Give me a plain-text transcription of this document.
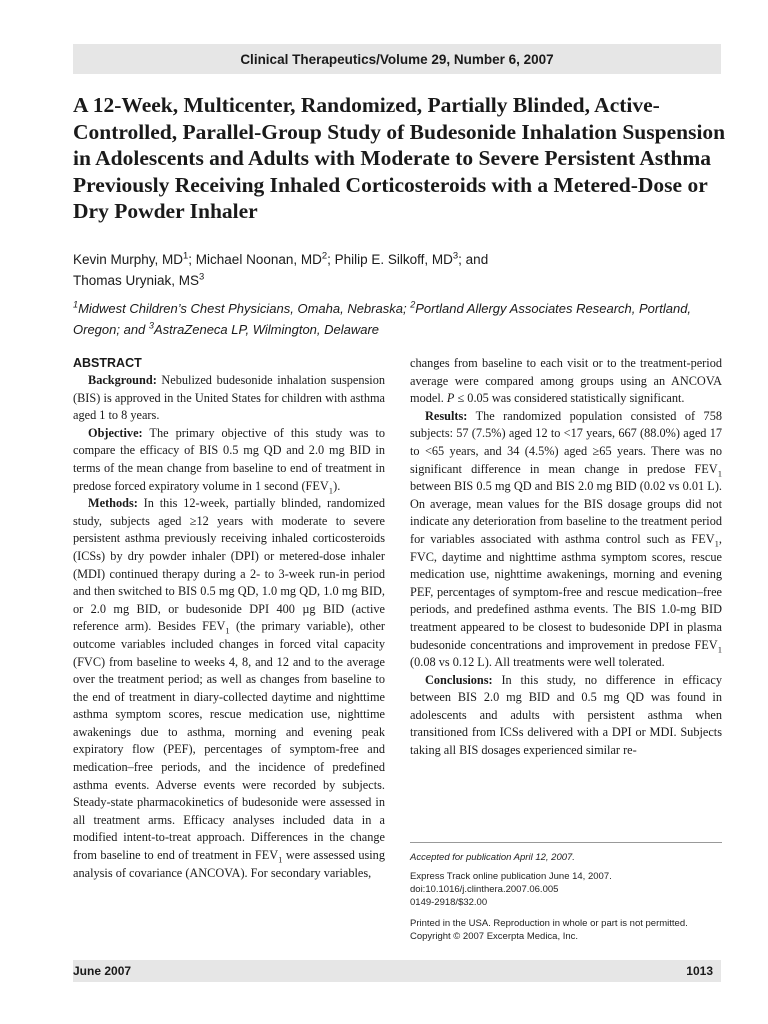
Clinical Therapeutics/Volume 29, Number 6, 2007
A 12-Week, Multicenter, Randomized, Partially Blinded, Active-Controlled, Parallel-Group Study of Budesonide Inhalation Suspension in Adolescents and Adults with Moderate to Severe Persistent Asthma Previously Receiving Inhaled Corticosteroids with a Metered-Dose or Dry Powder Inhaler
Kevin Murphy, $MD^1$; Michael Noonan, $MD^2$; Philip E. Silkoff, $MD^3$; and
Thomas Uryniak, $MS^3$
$^1$Midwest Children’s Chest Physicians, Omaha, Nebraska; $^2$Portland Allergy Associates Research, Portland, Oregon; and $^3$AstraZeneca LP, Wilmington, Delaware
ABSTRACT

Background: Nebulized budesonide inhalation suspension (BIS) is approved in the United States for children with asthma aged 1 to 8 years.

Objective: The primary objective of this study was to compare the efficacy of BIS 0.5 mg QD and 2.0 mg BID in terms of the mean change from baseline to end of treatment in predose forced expiratory volume in 1 second $(FEV_1)$.

Methods: In this 12-week, partially blinded, randomized study, subjects aged ≥12 years with moderate to severe persistent asthma previously receiving inhaled corticosteroids (ICSs) by dry powder inhaler (DPI) or metered-dose inhaler (MDI) continued therapy during a 2- to 3-week run-in period and then switched to BIS 0.5 mg QD, 1.0 mg QD, 1.0 mg BID, or 2.0 mg BID, or budesonide DPI 400 µg BID (active reference arm). Besides $FEV_1$ (the primary variable), other outcome variables included changes in forced vital capacity (FVC) from baseline to weeks 4, 8, and 12 and to the average over the treatment period; as well as changes from baseline to the end of treatment in diary-collected daytime and nighttime asthma symptom scores, rescue medication use, nighttime awakenings due to asthma, morning and evening peak expiratory flow (PEF), percentages of symptom-free and medication–free periods, and the incidence of predefined asthma events. Adverse events were recorded by subjects. Steady-state pharmacokinetics of budesonide were assessed in all treatment arms. Efficacy analyses included data in a modified intent-to-treat approach. Differences in the change from baseline to end of treatment in $FEV_1$ were assessed using analysis of covariance (ANCOVA). For secondary variables,

changes from baseline to each visit or to the treatment-period average were compared among groups using an ANCOVA model. P ≤ 0.05 was considered statistically significant.

Results: The randomized population consisted of 758 subjects: 57 (7.5%) aged 12 to <17 years, 667 (88.0%) aged 17 to <65 years, and 34 (4.5%) aged ≥65 years. There was no significant difference in mean change in predose $FEV_1$ between BIS 0.5 mg QD and BIS 2.0 mg BID (0.02 vs 0.01 L). On average, mean values for the BIS dosage groups did not indicate any deterioration from baseline to the treatment period for variables associated with asthma control such as $FEV_1$, FVC, daytime and nighttime asthma symptom scores, rescue medication use, nighttime awakenings, morning and evening PEF, percentages of symptom-free and rescue medication–free periods, and predefined asthma events. The BIS 1.0-mg BID treatment appeared to be closest to budesonide DPI in plasma budesonide concentrations and improvement in predose $FEV_1$ (0.08 vs 0.12 L). All treatments were well tolerated.

Conclusions: In this study, no difference in efficacy between BIS 2.0 mg BID and 0.5 mg QD was found in adolescents and adults with persistent asthma when transitioned from ICSs delivered with a DPI or MDI. Subjects taking all BIS dosages experienced similar re-

Accepted for publication April 12, 2007.
Express Track online publication June 14, 2007.
doi:10.1016/j.clinthera.2007.06.005
0149-2918/$32.00
Printed in the USA. Reproduction in whole or part is not permitted.
Copyright © 2007 Excerpta Medica, Inc.
June 2007	1013
